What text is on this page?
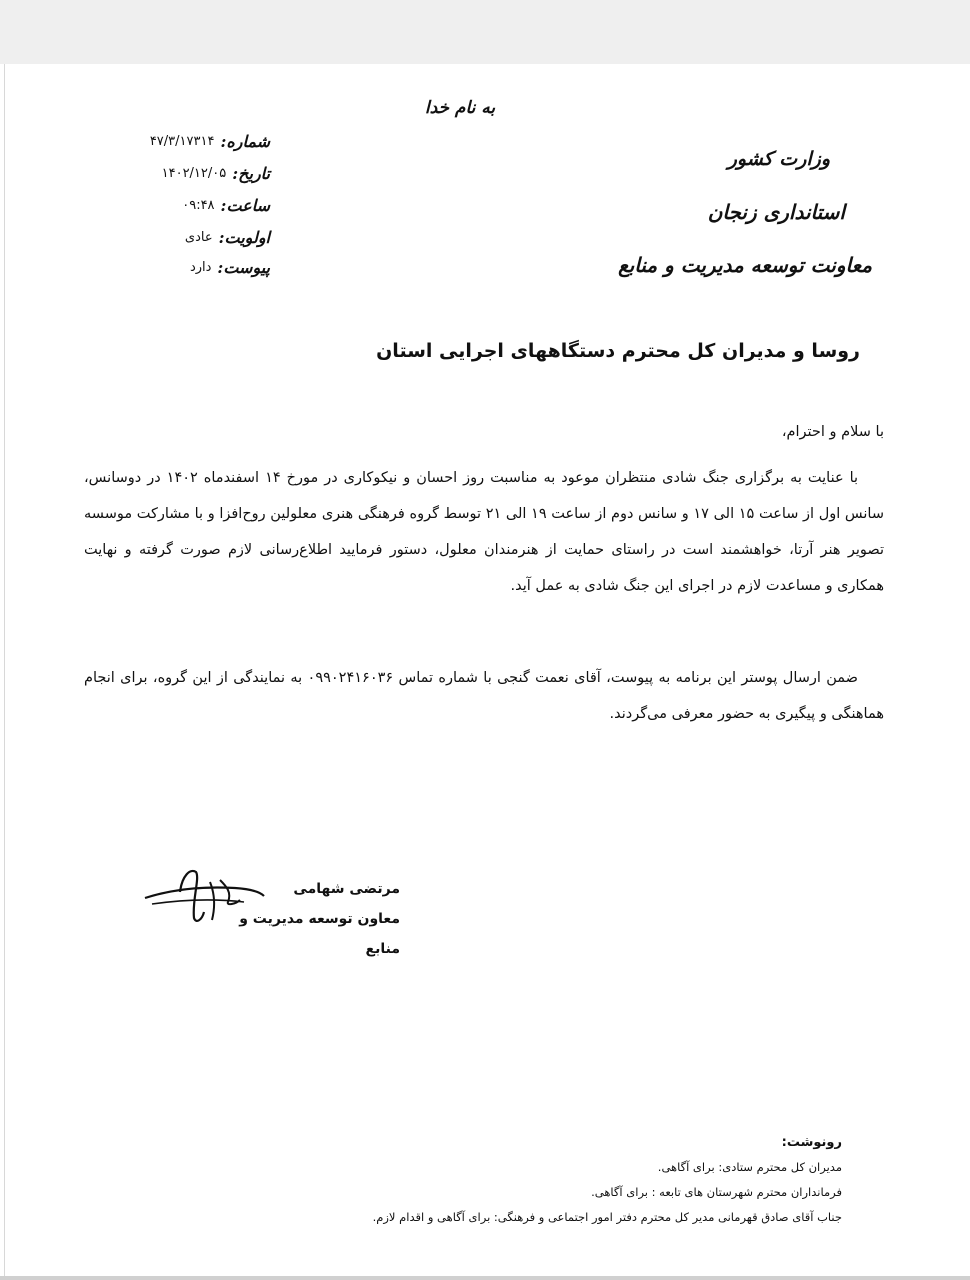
به نام خدا
وزارت کشور
استانداری زنجان
معاونت توسعه مدیریت و منابع
شماره:
۴۷/۳/۱۷۳۱۴
تاریخ:
۱۴۰۲/۱۲/۰۵
ساعت:
۰۹:۴۸
اولویت:
عادی
پیوست:
دارد
روسا و مدیران کل محترم دستگاههای اجرایی استان
با سلام و احترام،
با عنایت به برگزاری جنگ شادی منتظران موعود به مناسبت روز احسان و نیکوکاری در مورخ ۱۴ اسفندماه ۱۴۰۲ در دوسانس، سانس اول از ساعت ۱۵ الی ۱۷ و سانس دوم از ساعت ۱۹ الی ۲۱ توسط گروه فرهنگی هنری معلولین روح‌افزا و با مشارکت موسسه تصویر هنر آرتا، خواهشمند است در راستای حمایت از هنرمندان معلول، دستور فرمایید اطلاع‌رسانی لازم صورت گرفته و نهایت همکاری و مساعدت لازم در اجرای این جنگ شادی به عمل آید.
ضمن ارسال پوستر این برنامه به پیوست، آقای نعمت گنجی با شماره تماس ۰۹۹۰۲۴۱۶۰۳۶ به نمایندگی از این گروه، برای انجام هماهنگی و پیگیری به حضور معرفی می‌گردند.
مرتضی شهامی
معاون توسعه مدیریت و منابع
رونوشت:
مدیران کل محترم ستادی: برای آگاهی.
فرمانداران محترم شهرستان های تابعه : برای آگاهی.
جناب آقای صادق قهرمانی مدیر کل محترم دفتر امور اجتماعی و فرهنگی: برای آگاهی و اقدام لازم.
